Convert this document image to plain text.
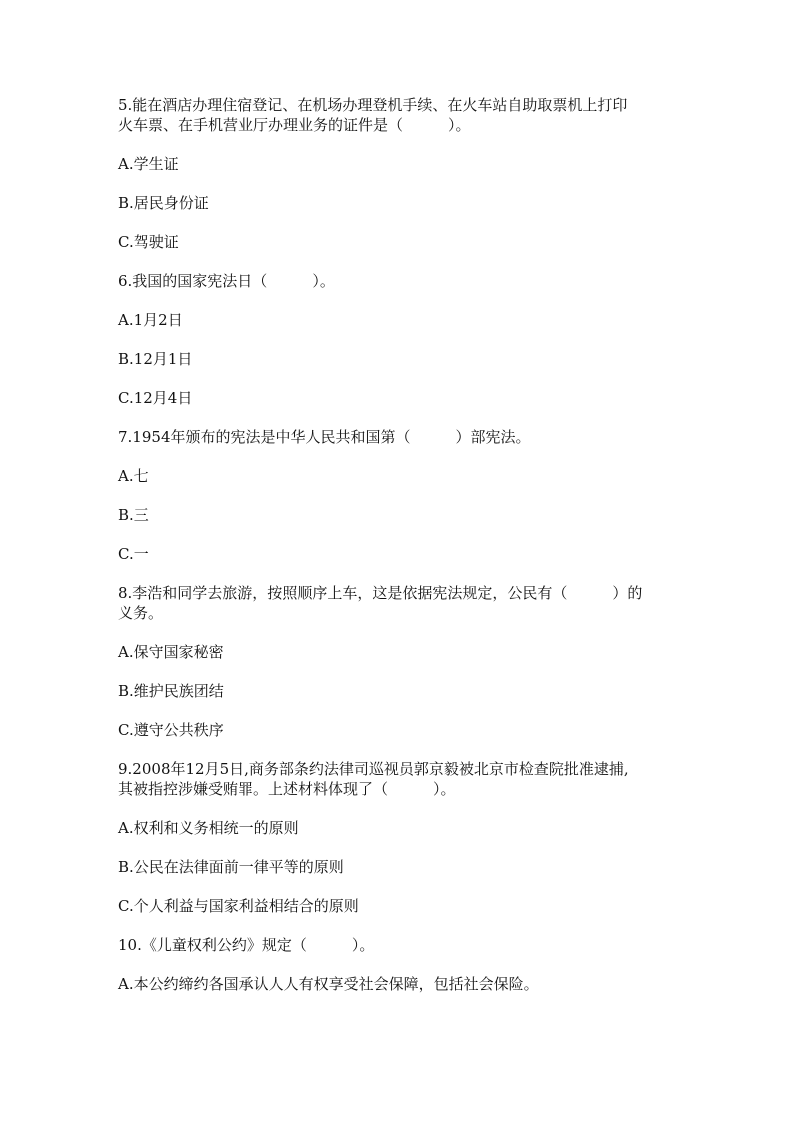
5.能在酒店办理住宿登记、在机场办理登机手续、在火车站自助取票机上打印
火车票、在手机营业厅办理业务的证件是（　　　）。

A.学生证

B.居民身份证

C.驾驶证

6.我国的国家宪法日（　　　）。

A.1月2日

B.12月1日

C.12月4日

7.1954年颁布的宪法是中华人民共和国第（　　　）部宪法。

A.七

B.三

C.一

8.李浩和同学去旅游，按照顺序上车，这是依据宪法规定，公民有（　　　）的
义务。

A.保守国家秘密

B.维护民族团结

C.遵守公共秩序

9.2008年12月5日,商务部条约法律司巡视员郭京毅被北京市检查院批准逮捕,
其被指控涉嫌受贿罪。上述材料体现了（　　　）。

A.权利和义务相统一的原则

B.公民在法律面前一律平等的原则

C.个人利益与国家利益相结合的原则

10.《儿童权利公约》规定（　　　）。

A.本公约缔约各国承认人人有权享受社会保障，包括社会保险。
